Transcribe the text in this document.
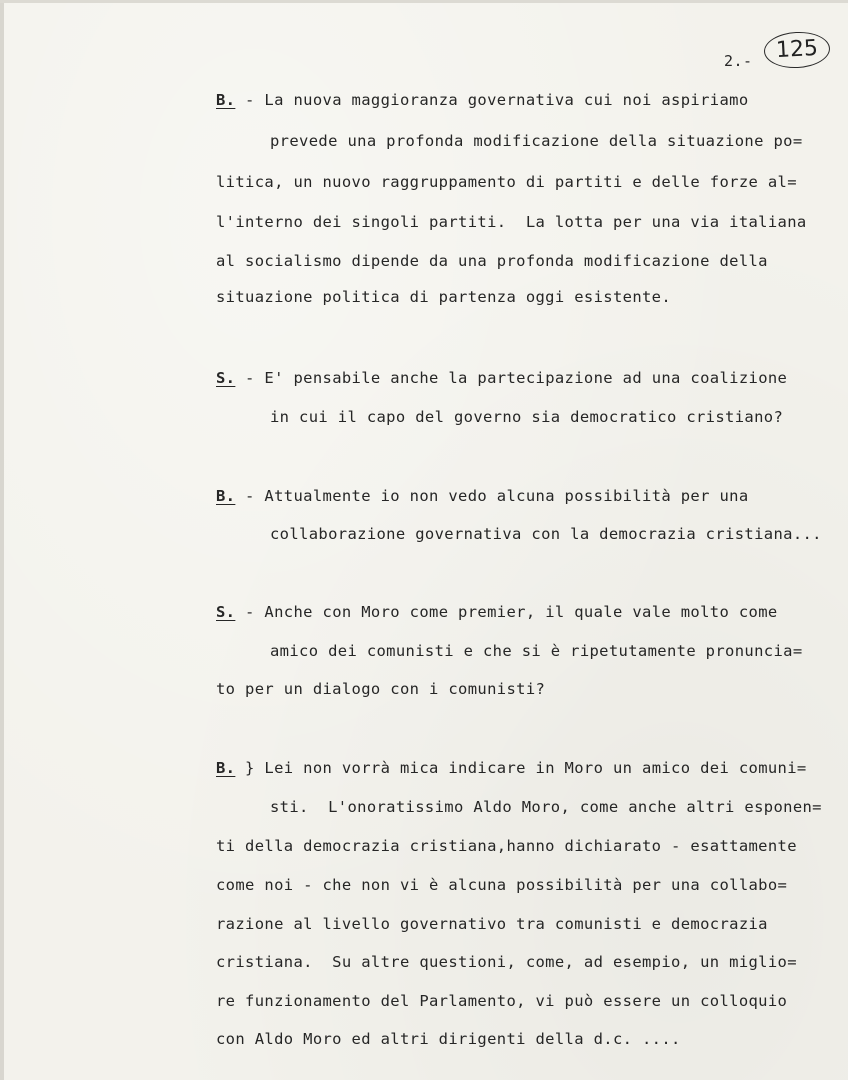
2.-	125
B. - La nuova maggioranza governativa cui noi aspiriamo
prevede una profonda modificazione della situazione po=
litica, un nuovo raggruppamento di partiti e delle forze al=
l'interno dei singoli partiti.  La lotta per una via italiana
al socialismo dipende da una profonda modificazione della
situazione politica di partenza oggi esistente.
S. - E' pensabile anche la partecipazione ad una coalizione
in cui il capo del governo sia democratico cristiano?
B. - Attualmente io non vedo alcuna possibilità per una
collaborazione governativa con la democrazia cristiana...
S. - Anche con Moro come premier, il quale vale molto come
amico dei comunisti e che si è ripetutamente pronuncia=
to per un dialogo con i comunisti?
B. } Lei non vorrà mica indicare in Moro un amico dei comuni=
sti.  L'onoratissimo Aldo Moro, come anche altri esponen=
ti della democrazia cristiana,hanno dichiarato - esattamente
come noi - che non vi è alcuna possibilità per una collabo=
razione al livello governativo tra comunisti e democrazia
cristiana.  Su altre questioni, come, ad esempio, un miglio=
re funzionamento del Parlamento, vi può essere un colloquio
con Aldo Moro ed altri dirigenti della d.c. ....
